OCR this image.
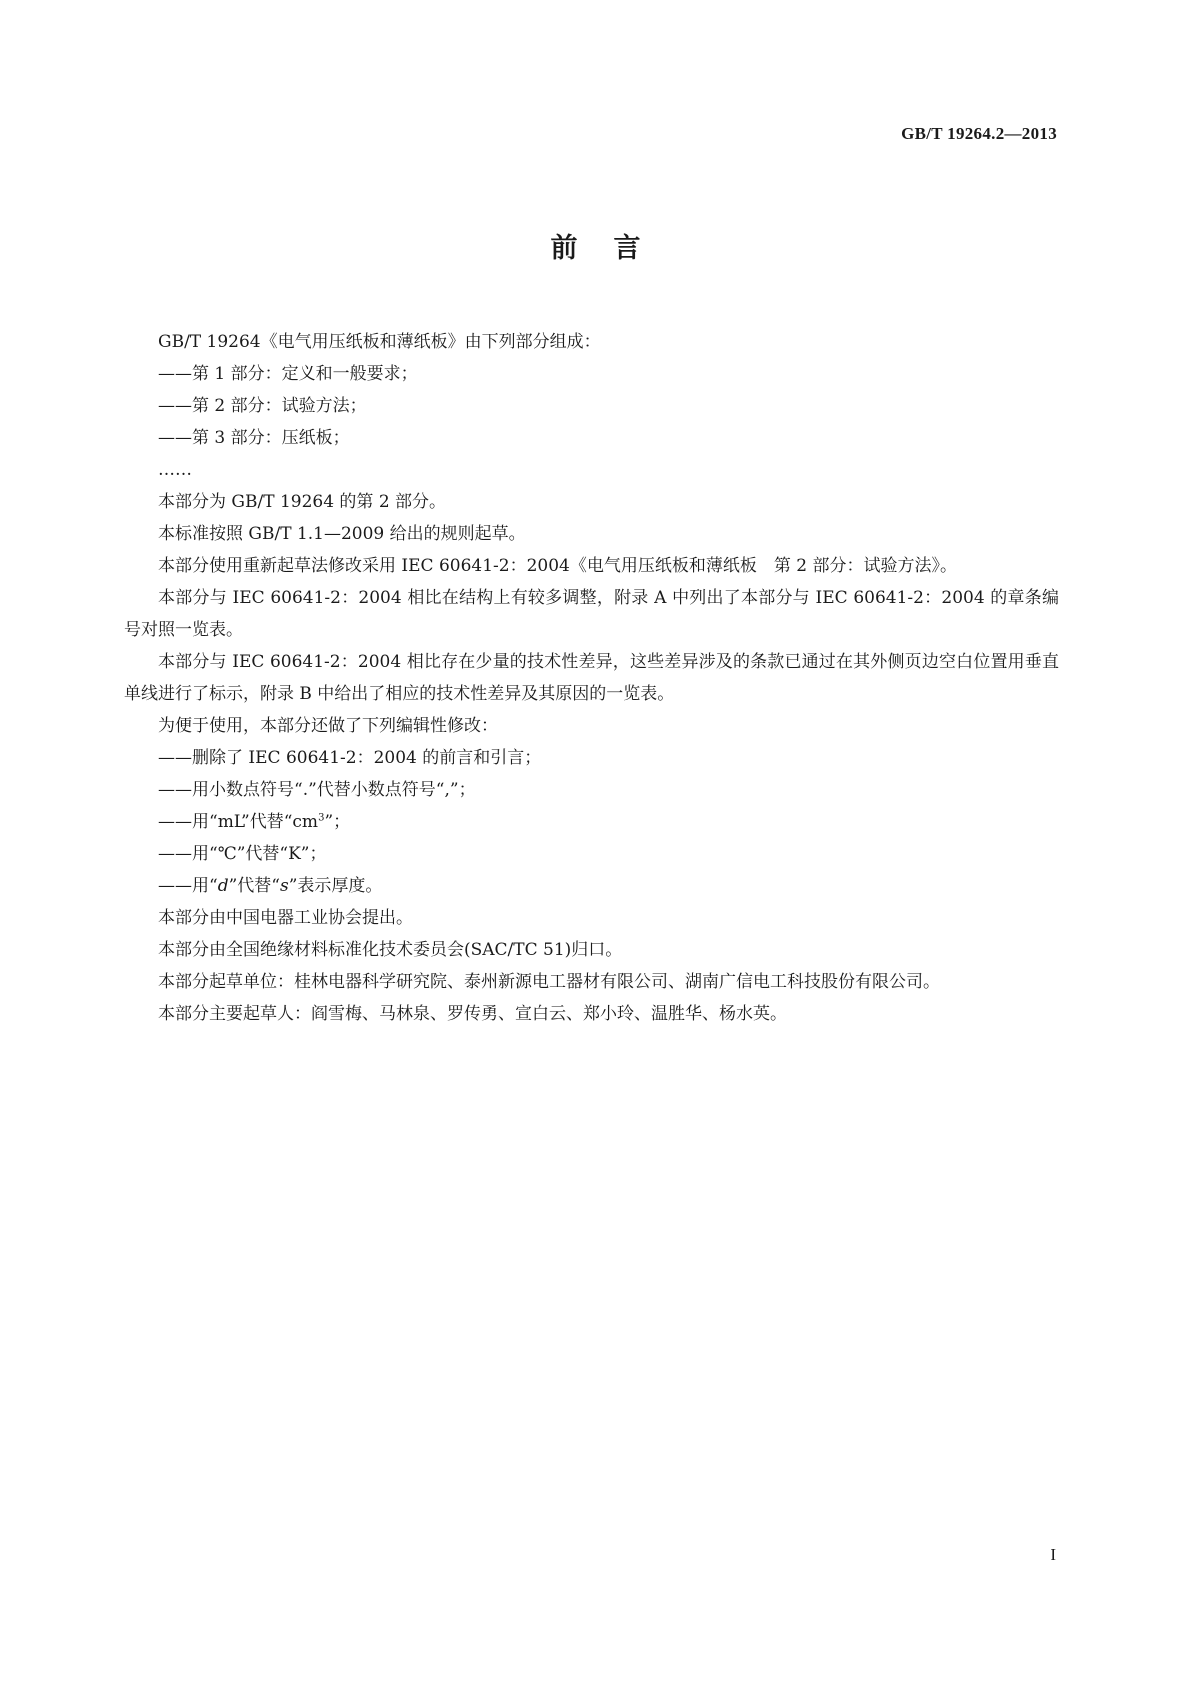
GB/T 19264.2—2013
前言

GB/T 19264《电气用压纸板和薄纸板》由下列部分组成：

——第 1 部分：定义和一般要求；

——第 2 部分：试验方法；

——第 3 部分：压纸板；

……

本部分为 GB/T 19264 的第 2 部分。

本标准按照 GB/T 1.1—2009 给出的规则起草。

本部分使用重新起草法修改采用 IEC 60641-2：2004《电气用压纸板和薄纸板　第 2 部分：试验方法》。

本部分与 IEC 60641-2：2004 相比在结构上有较多调整，附录 A 中列出了本部分与 IEC 60641-2：2004 的章条编号对照一览表。

本部分与 IEC 60641-2：2004 相比存在少量的技术性差异，这些差异涉及的条款已通过在其外侧页边空白位置用垂直单线进行了标示，附录 B 中给出了相应的技术性差异及其原因的一览表。

为便于使用，本部分还做了下列编辑性修改：

——删除了 IEC 60641-2：2004 的前言和引言；

——用小数点符号“.”代替小数点符号“,”；

——用“mL”代替“$cm^3$”；

——用“℃”代替“K”；

——用“d”代替“s”表示厚度。

本部分由中国电器工业协会提出。

本部分由全国绝缘材料标准化技术委员会(SAC/TC 51)归口。

本部分起草单位：桂林电器科学研究院、泰州新源电工器材有限公司、湖南广信电工科技股份有限公司。

本部分主要起草人：阎雪梅、马林泉、罗传勇、宣白云、郑小玲、温胜华、杨水英。

I
